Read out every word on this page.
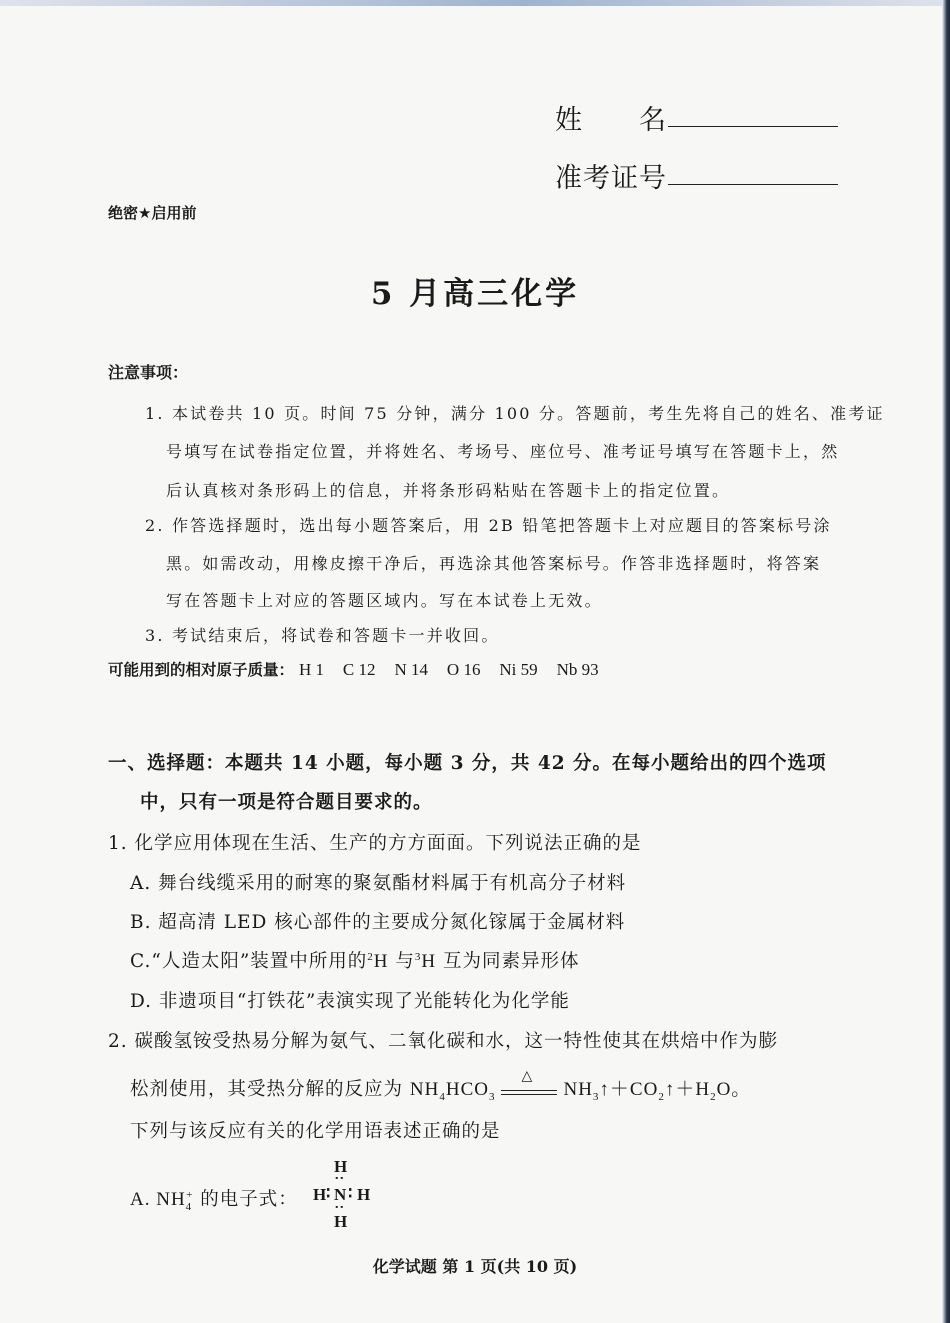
姓　　名
准考证号
绝密★启用前
5 月高三化学
注意事项：
1. 本试卷共 10 页。时间 75 分钟，满分 100 分。答题前，考生先将自己的姓名、准考证
号填写在试卷指定位置，并将姓名、考场号、座位号、准考证号填写在答题卡上，然
后认真核对条形码上的信息，并将条形码粘贴在答题卡上的指定位置。
2. 作答选择题时，选出每小题答案后，用 2B 铅笔把答题卡上对应题目的答案标号涂
黑。如需改动，用橡皮擦干净后，再选涂其他答案标号。作答非选择题时，将答案
写在答题卡上对应的答题区域内。写在本试卷上无效。
3. 考试结束后，将试卷和答题卡一并收回。
可能用到的相对原子质量： H 1 C 12 N 14 O 16 Ni 59 Nb 93
一、选择题：本题共 14 小题，每小题 3 分，共 42 分。在每小题给出的四个选项
中，只有一项是符合题目要求的。
1. 化学应用体现在生活、生产的方方面面。下列说法正确的是
A. 舞台线缆采用的耐寒的聚氨酯材料属于有机高分子材料
B. 超高清 LED 核心部件的主要成分氮化镓属于金属材料
C.“人造太阳”装置中所用的$^2$H 与$^3$H 互为同素异形体
D. 非遗项目“打铁花”表演实现了光能转化为化学能
2. 碳酸氢铵受热易分解为氨气、二氧化碳和水，这一特性使其在烘焙中作为膨
松剂使用，其受热分解的反应为 $NH_4HCO_3$
△
$NH_3↑+CO_2↑+H_2O$。
下列与该反应有关的化学用语表述正确的是
A. $NH_4^+$ 的电子式：
H
∶
H ∶ N ∶ H
∶
H
化学试题 第 1 页(共 10 页)
